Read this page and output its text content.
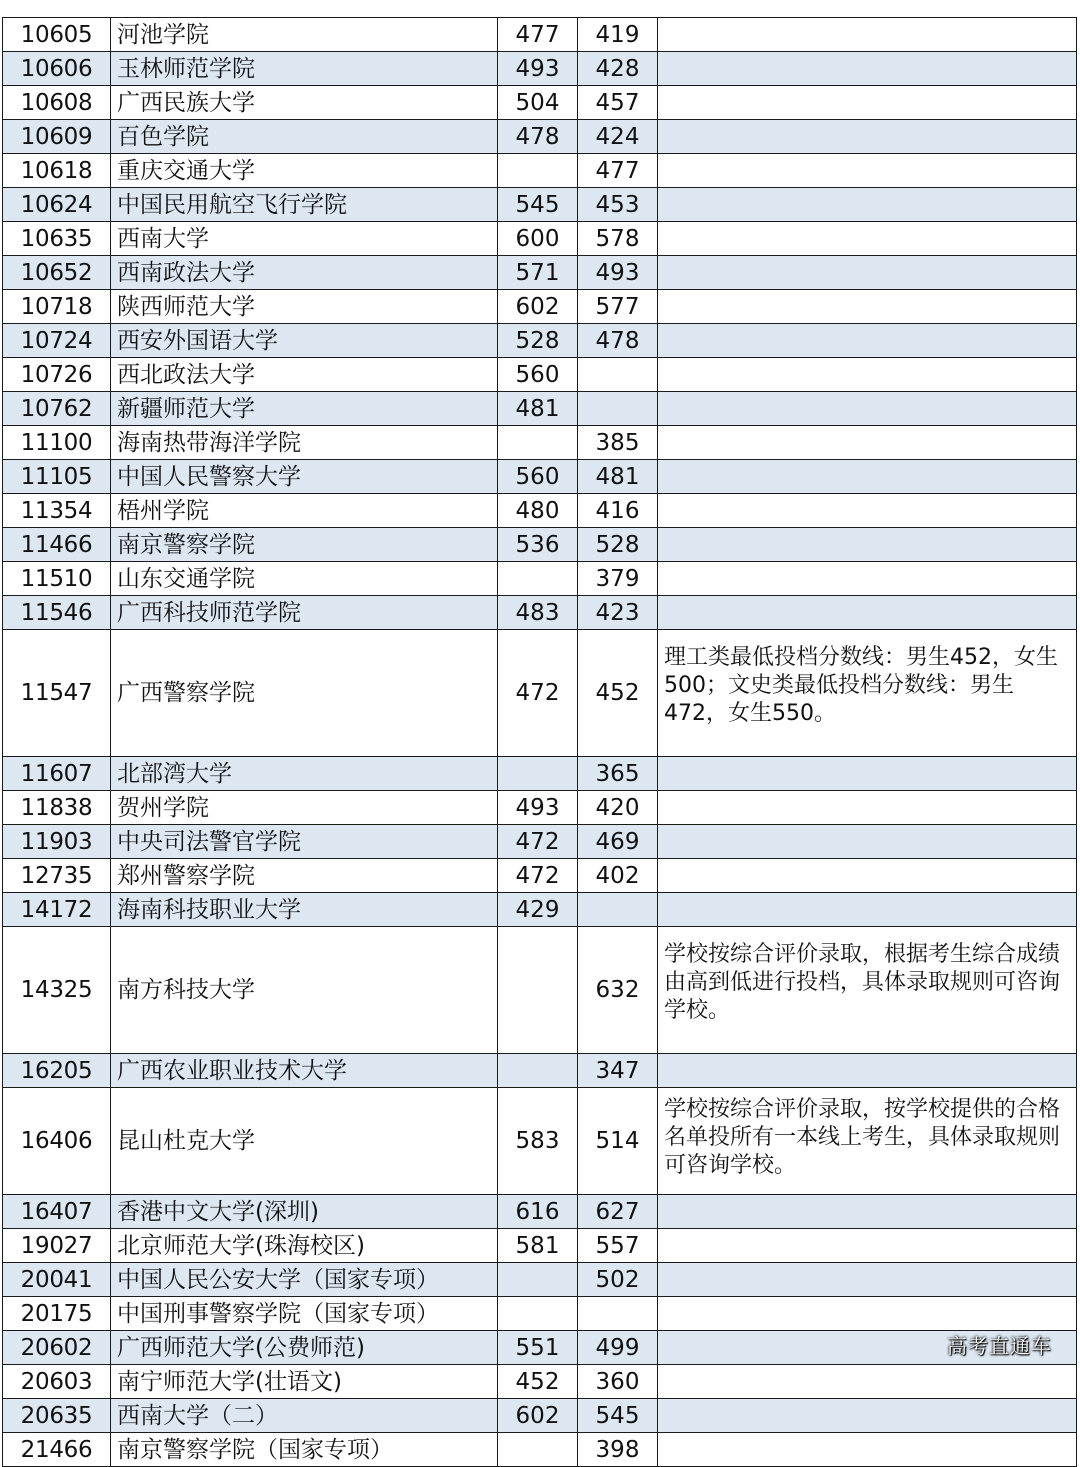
10605	河池学院	477	419	
10606	玉林师范学院	493	428	
10608	广西民族大学	504	457	
10609	百色学院	478	424	
10618	重庆交通大学		477	
10624	中国民用航空飞行学院	545	453	
10635	西南大学	600	578	
10652	西南政法大学	571	493	
10718	陕西师范大学	602	577	
10724	西安外国语大学	528	478	
10726	西北政法大学	560		
10762	新疆师范大学	481		
11100	海南热带海洋学院		385	
11105	中国人民警察大学	560	481	
11354	梧州学院	480	416	
11466	南京警察学院	536	528	
11510	山东交通学院		379	
11546	广西科技师范学院	483	423	
11547	广西警察学院	472	452	理工类最低投档分数线：男生452，女生500；文史类最低投档分数线：男生472，女生550。
11607	北部湾大学		365	
11838	贺州学院	493	420	
11903	中央司法警官学院	472	469	
12735	郑州警察学院	472	402	
14172	海南科技职业大学	429		
14325	南方科技大学		632	学校按综合评价录取，根据考生综合成绩由高到低进行投档，具体录取规则可咨询学校。
16205	广西农业职业技术大学		347	
16406	昆山杜克大学	583	514	学校按综合评价录取，按学校提供的合格名单投所有一本线上考生，具体录取规则可咨询学校。
16407	香港中文大学(深圳)	616	627	
19027	北京师范大学(珠海校区)	581	557	
20041	中国人民公安大学（国家专项）		502	
20175	中国刑事警察学院（国家专项）			
20602	广西师范大学(公费师范)	551	499	
20603	南宁师范大学(壮语文)	452	360	
20635	西南大学（二）	602	545	
21466	南京警察学院（国家专项）		398	
高考直通车
